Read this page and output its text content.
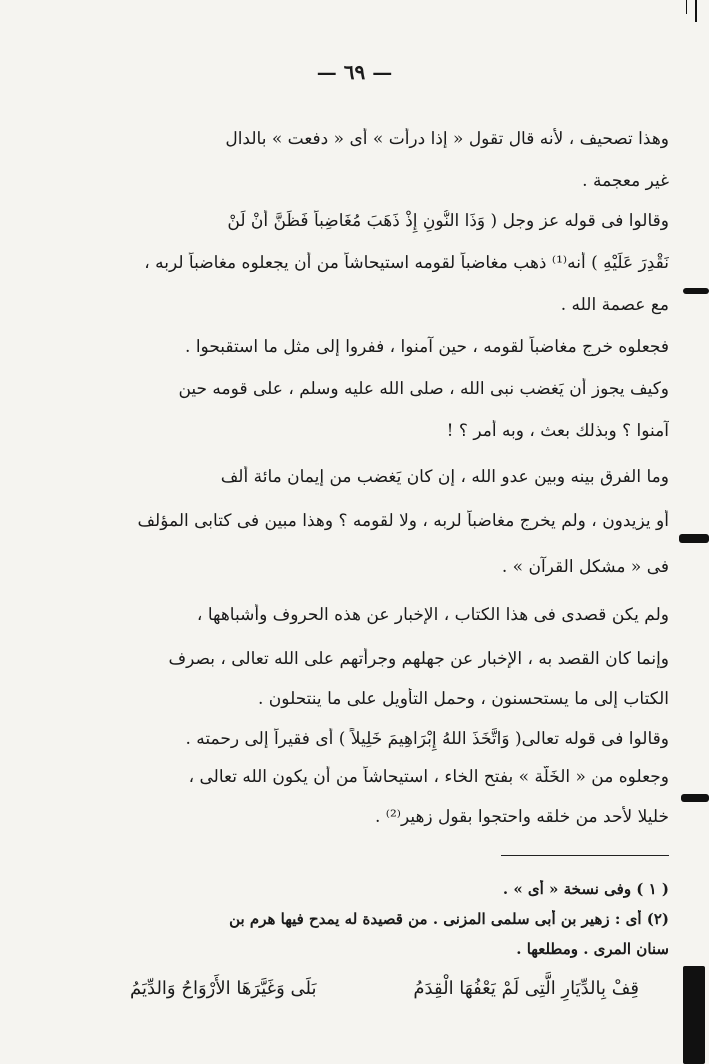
— ٦٩ —
وهذا تصحيف ، لأنه قال تقول « إذا درأت » أى « دفعت » بالدال
غير معجمة .
وقالوا فى قوله عز وجل ( وَذَا النُّونِ إِذْ ذَهَبَ مُغَاضِباً فَظَنَّ أَنْ لَنْ
نَقْدِرَ عَلَيْهِ ) أنه⁽¹⁾ ذهب مغاضباً لقومه استيحاشاً من أن يجعلوه مغاضباً لربه ،
مع عصمة الله .
فجعلوه خرج مغاضباً لقومه ، حين آمنوا ، ففروا إلى مثل ما استقبحوا .
وكيف يجوز أن يَغضب نبى الله ، صلى الله عليه وسلم ، على قومه حين
آمنوا ؟ وبذلك بعث ، وبه أمر ؟ !
وما الفرق بينه وبين عدو الله ، إن كان يَغضب من إيمان مائة ألف
أو يزيدون ، ولم يخرج مغاضباً لربه ، ولا لقومه ؟ وهذا مبين فى كتابى المؤلف
فى « مشكل القرآن » .
ولم يكن قصدى فى هذا الكتاب ، الإخبار عن هذه الحروف وأشباهها ،
وإنما كان القصد به ، الإخبار عن جهلهم وجرأتهم على الله تعالى ، بصرف
الكتاب إلى ما يستحسنون ، وحمل التأويل على ما ينتحلون .
وقالوا فى قوله تعالى( وَاتَّخَذَ اللهُ إِبْرَاهِيمَ خَلِيلاً ) أى فقيراً إلى رحمته .
وجعلوه من « الخَلَّة » بفتح الخاء ، استيحاشاً من أن يكون الله تعالى ،
خليلا لأحد من خلقه واحتجوا بقول زهير⁽²⁾ .
( ١ ) وفى نسخة « أى » .
(٢) أى : زهير بن أبى سلمى المزنى . من قصيدة له يمدح فيها هرم بن
سنان المرى . ومطلعها .
قِفْ بِالدِّيَارِ الَّتِى لَمْ يَعْفُهَا الْقِدَمُ
بَلَى وَغَيَّرَهَا الأَرْوَاحُ وَالدِّيَمُ
